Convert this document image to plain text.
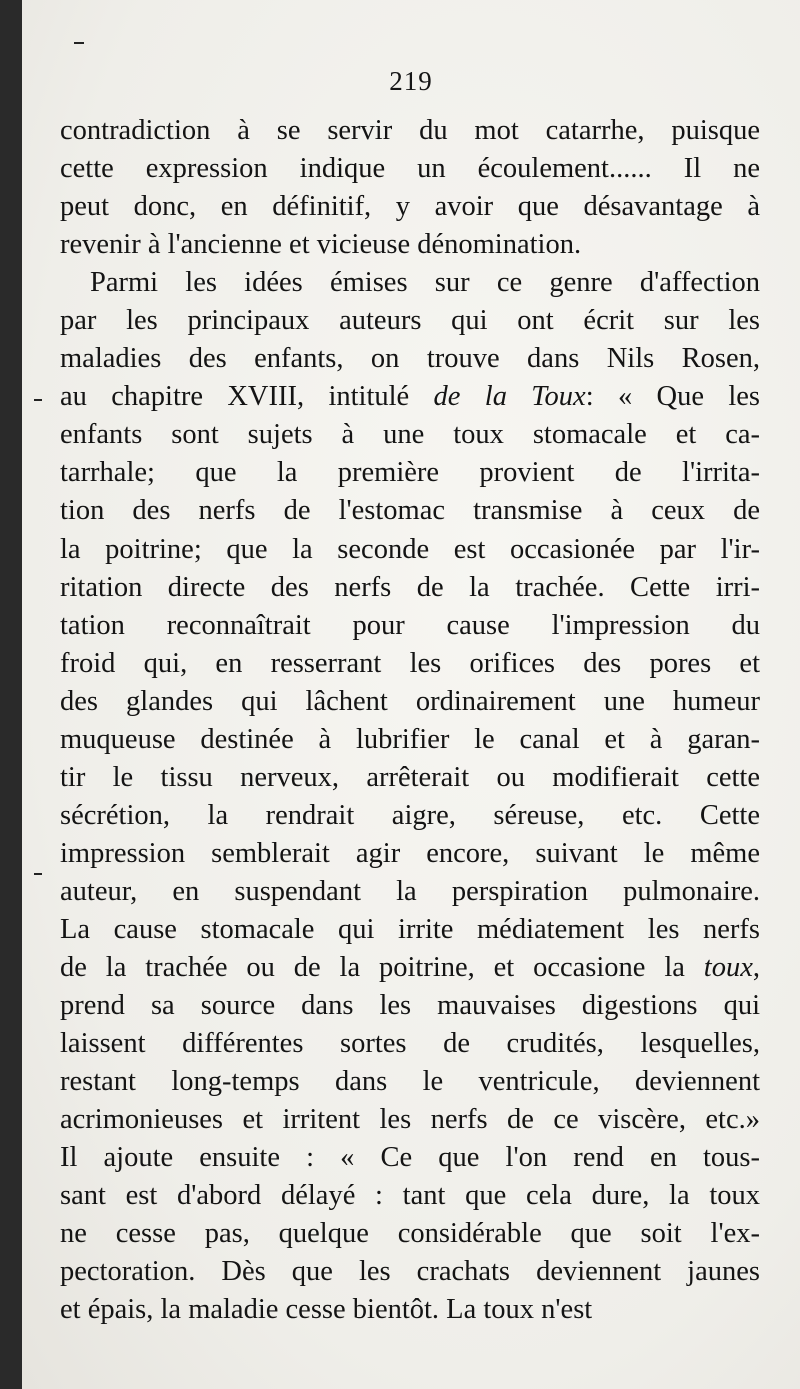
219
contradiction à se servir du mot catarrhe, puisque
cette expression indique un écoulement...... Il ne
peut donc, en définitif, y avoir que désavantage à
revenir à l'ancienne et vicieuse dénomination.
Parmi les idées émises sur ce genre d'affection
par les principaux auteurs qui ont écrit sur les
maladies des enfants, on trouve dans Nils Rosen,
au chapitre XVIII, intitulé de la Toux: « Que les
enfants sont sujets à une toux stomacale et ca-
tarrhale; que la première provient de l'irrita-
tion des nerfs de l'estomac transmise à ceux de
la poitrine; que la seconde est occasionée par l'ir-
ritation directe des nerfs de la trachée. Cette irri-
tation reconnaîtrait pour cause l'impression du
froid qui, en resserrant les orifices des pores et
des glandes qui lâchent ordinairement une humeur
muqueuse destinée à lubrifier le canal et à garan-
tir le tissu nerveux, arrêterait ou modifierait cette
sécrétion, la rendrait aigre, séreuse, etc. Cette
impression semblerait agir encore, suivant le même
auteur, en suspendant la perspiration pulmonaire.
La cause stomacale qui irrite médiatement les nerfs
de la trachée ou de la poitrine, et occasione la toux,
prend sa source dans les mauvaises digestions qui
laissent différentes sortes de crudités, lesquelles,
restant long-temps dans le ventricule, deviennent
acrimonieuses et irritent les nerfs de ce viscère, etc.»
Il ajoute ensuite : « Ce que l'on rend en tous-
sant est d'abord délayé : tant que cela dure, la toux
ne cesse pas, quelque considérable que soit l'ex-
pectoration. Dès que les crachats deviennent jaunes
et épais, la maladie cesse bientôt. La toux n'est
